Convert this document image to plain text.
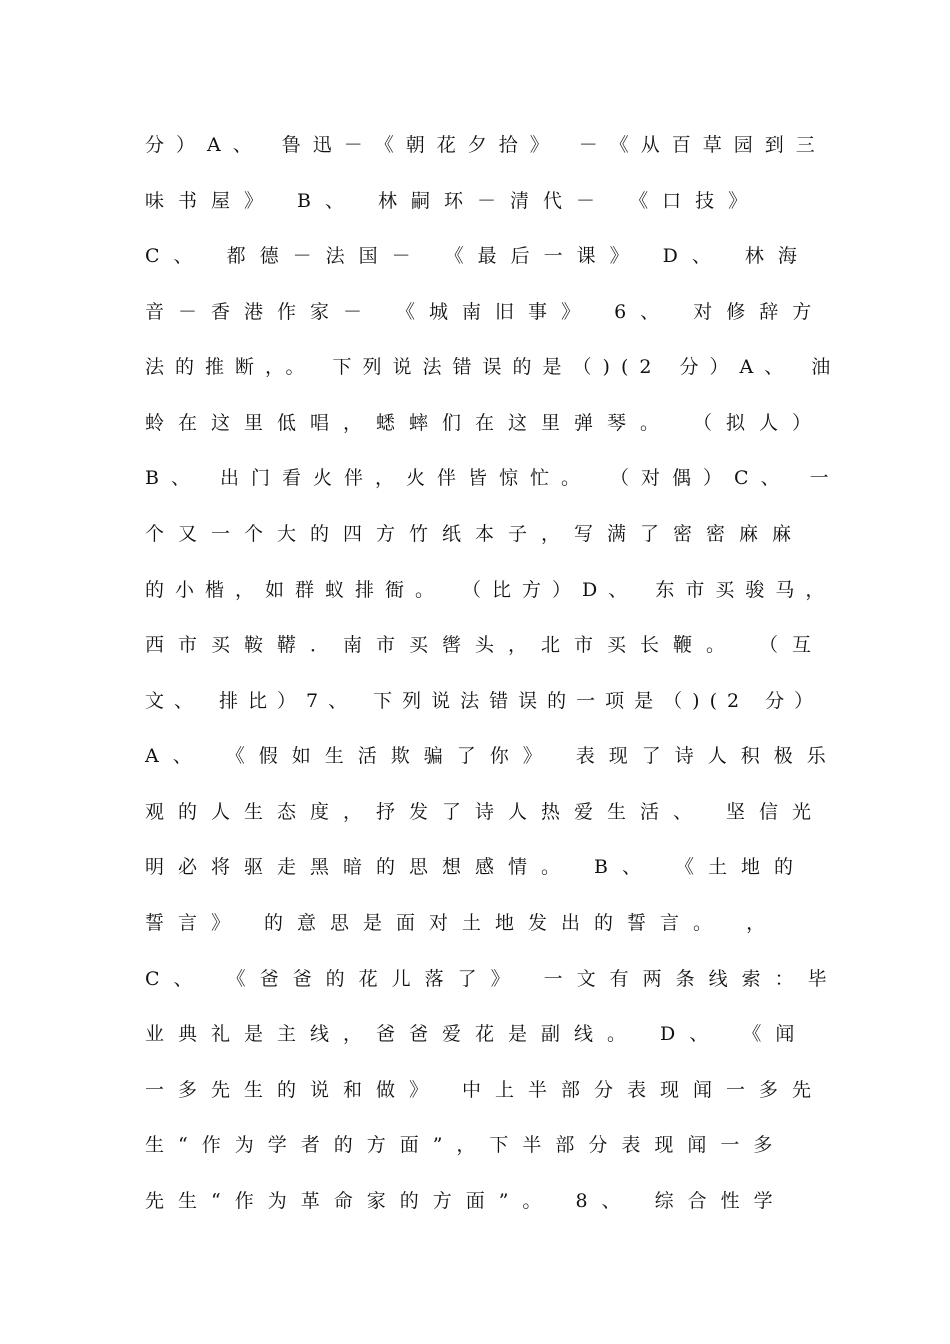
分）A、 鲁迅－《朝花夕拾》 －《从百草园到三
味书屋》 B、 林嗣环－清代－ 《口技》
C、 都德－法国－ 《最后一课》 D、 林海
音－香港作家－ 《城南旧事》 6、 对修辞方
法的推断，。 下列说法错误的是（)(2 分）A、 油
蛉在这里低唱，蟋蟀们在这里弹琴。 （拟人）
B、 出门看火伴，火伴皆惊忙。 （对偶）C、 一
个又一个大的四方竹纸本子，写满了密密麻麻
的小楷，如群蚁排衙。 （比方）D、 东市买骏马，
西市买鞍鞯．南市买辔头，北市买长鞭。 （互
文、 排比）7、 下列说法错误的一项是（)(2 分）
A、 《假如生活欺骗了你》 表现了诗人积极乐
观的人生态度，抒发了诗人热爱生活、 坚信光
明必将驱走黑暗的思想感情。 B、 《土地的
誓言》 的意思是面对土地发出的誓言。 ，
C、 《爸爸的花儿落了》 一文有两条线索：毕
业典礼是主线，爸爸爱花是副线。 D、 《闻
一多先生的说和做》 中上半部分表现闻一多先
生“作为学者的方面”，下半部分表现闻一多
先生“作为革命家的方面”。 8、 综合性学
